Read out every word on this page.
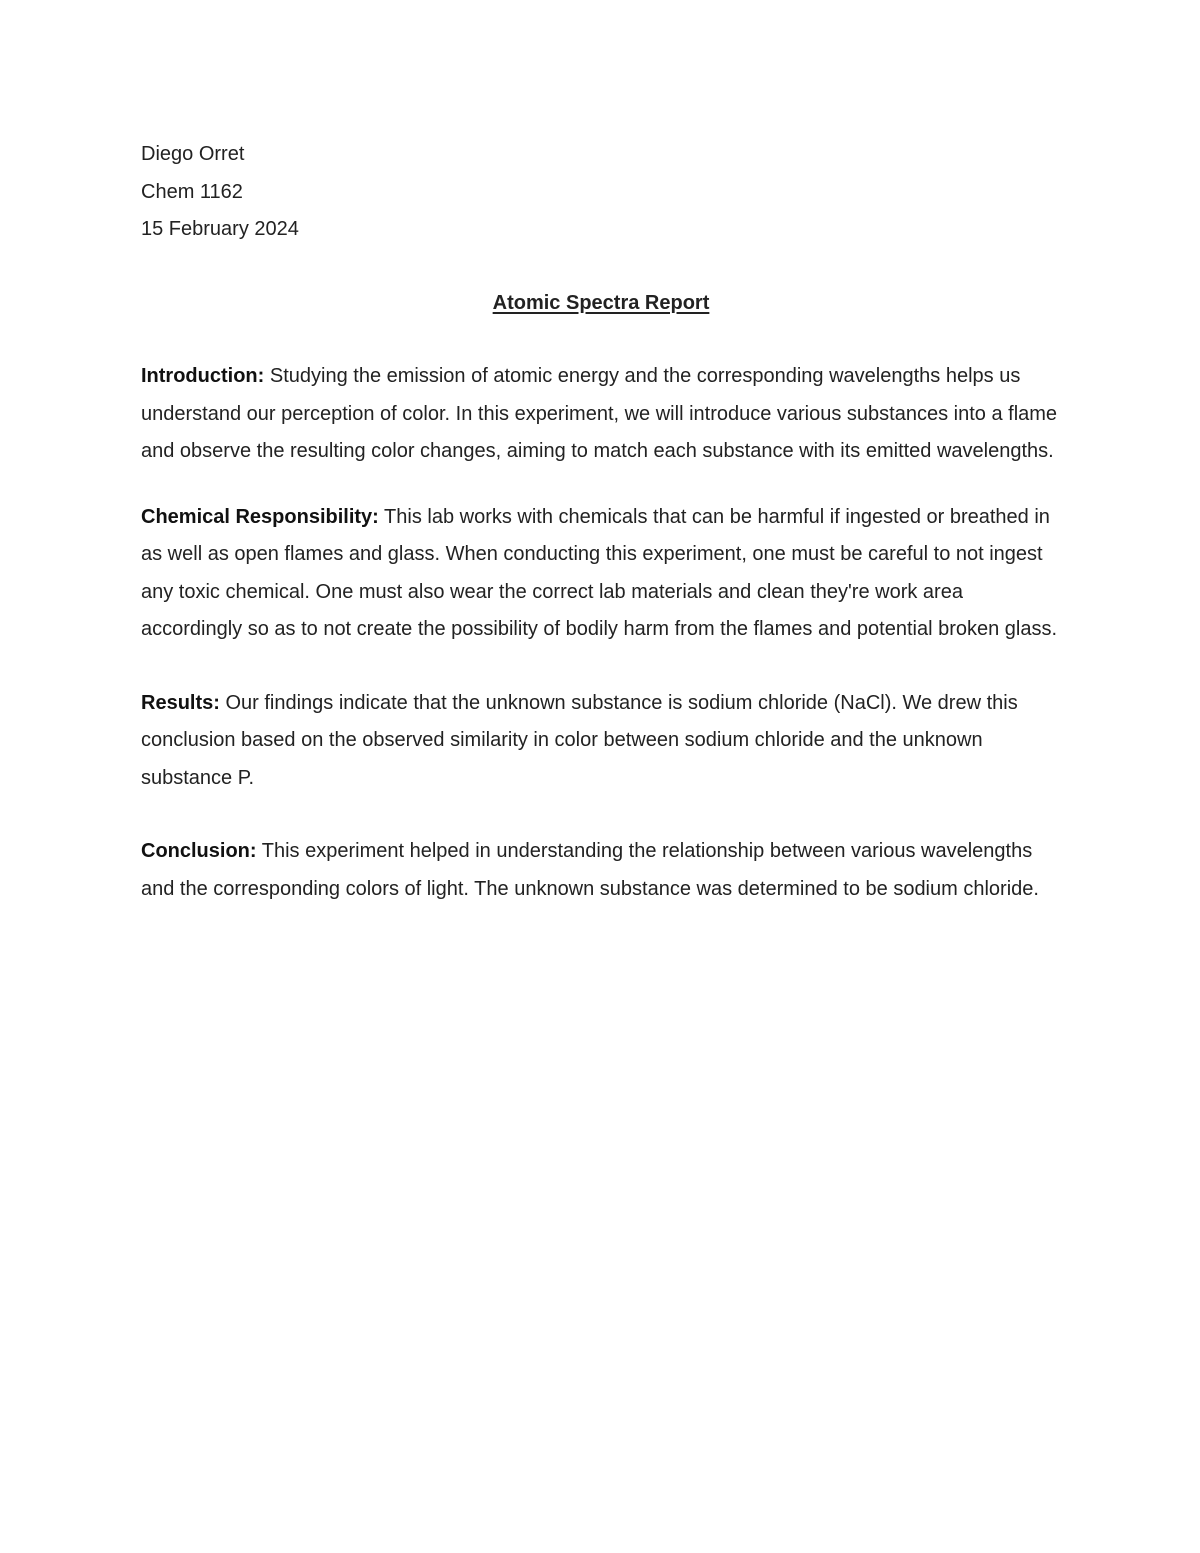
Diego Orret

Chem 1162

15 February 2024

Atomic Spectra Report

Introduction: Studying the emission of atomic energy and the corresponding wavelengths helps us understand our perception of color. In this experiment, we will introduce various substances into a flame and observe the resulting color changes, aiming to match each substance with its emitted wavelengths.

Chemical Responsibility: This lab works with chemicals that can be harmful if ingested or breathed in as well as open flames and glass. When conducting this experiment, one must be careful to not ingest any toxic chemical. One must also wear the correct lab materials and clean they're work area accordingly so as to not create the possibility of bodily harm from the flames and potential broken glass.

Results: Our findings indicate that the unknown substance is sodium chloride (NaCl). We drew this conclusion based on the observed similarity in color between sodium chloride and the unknown substance P.

Conclusion: This experiment helped in understanding the relationship between various wavelengths and the corresponding colors of light. The unknown substance was determined to be sodium chloride.
